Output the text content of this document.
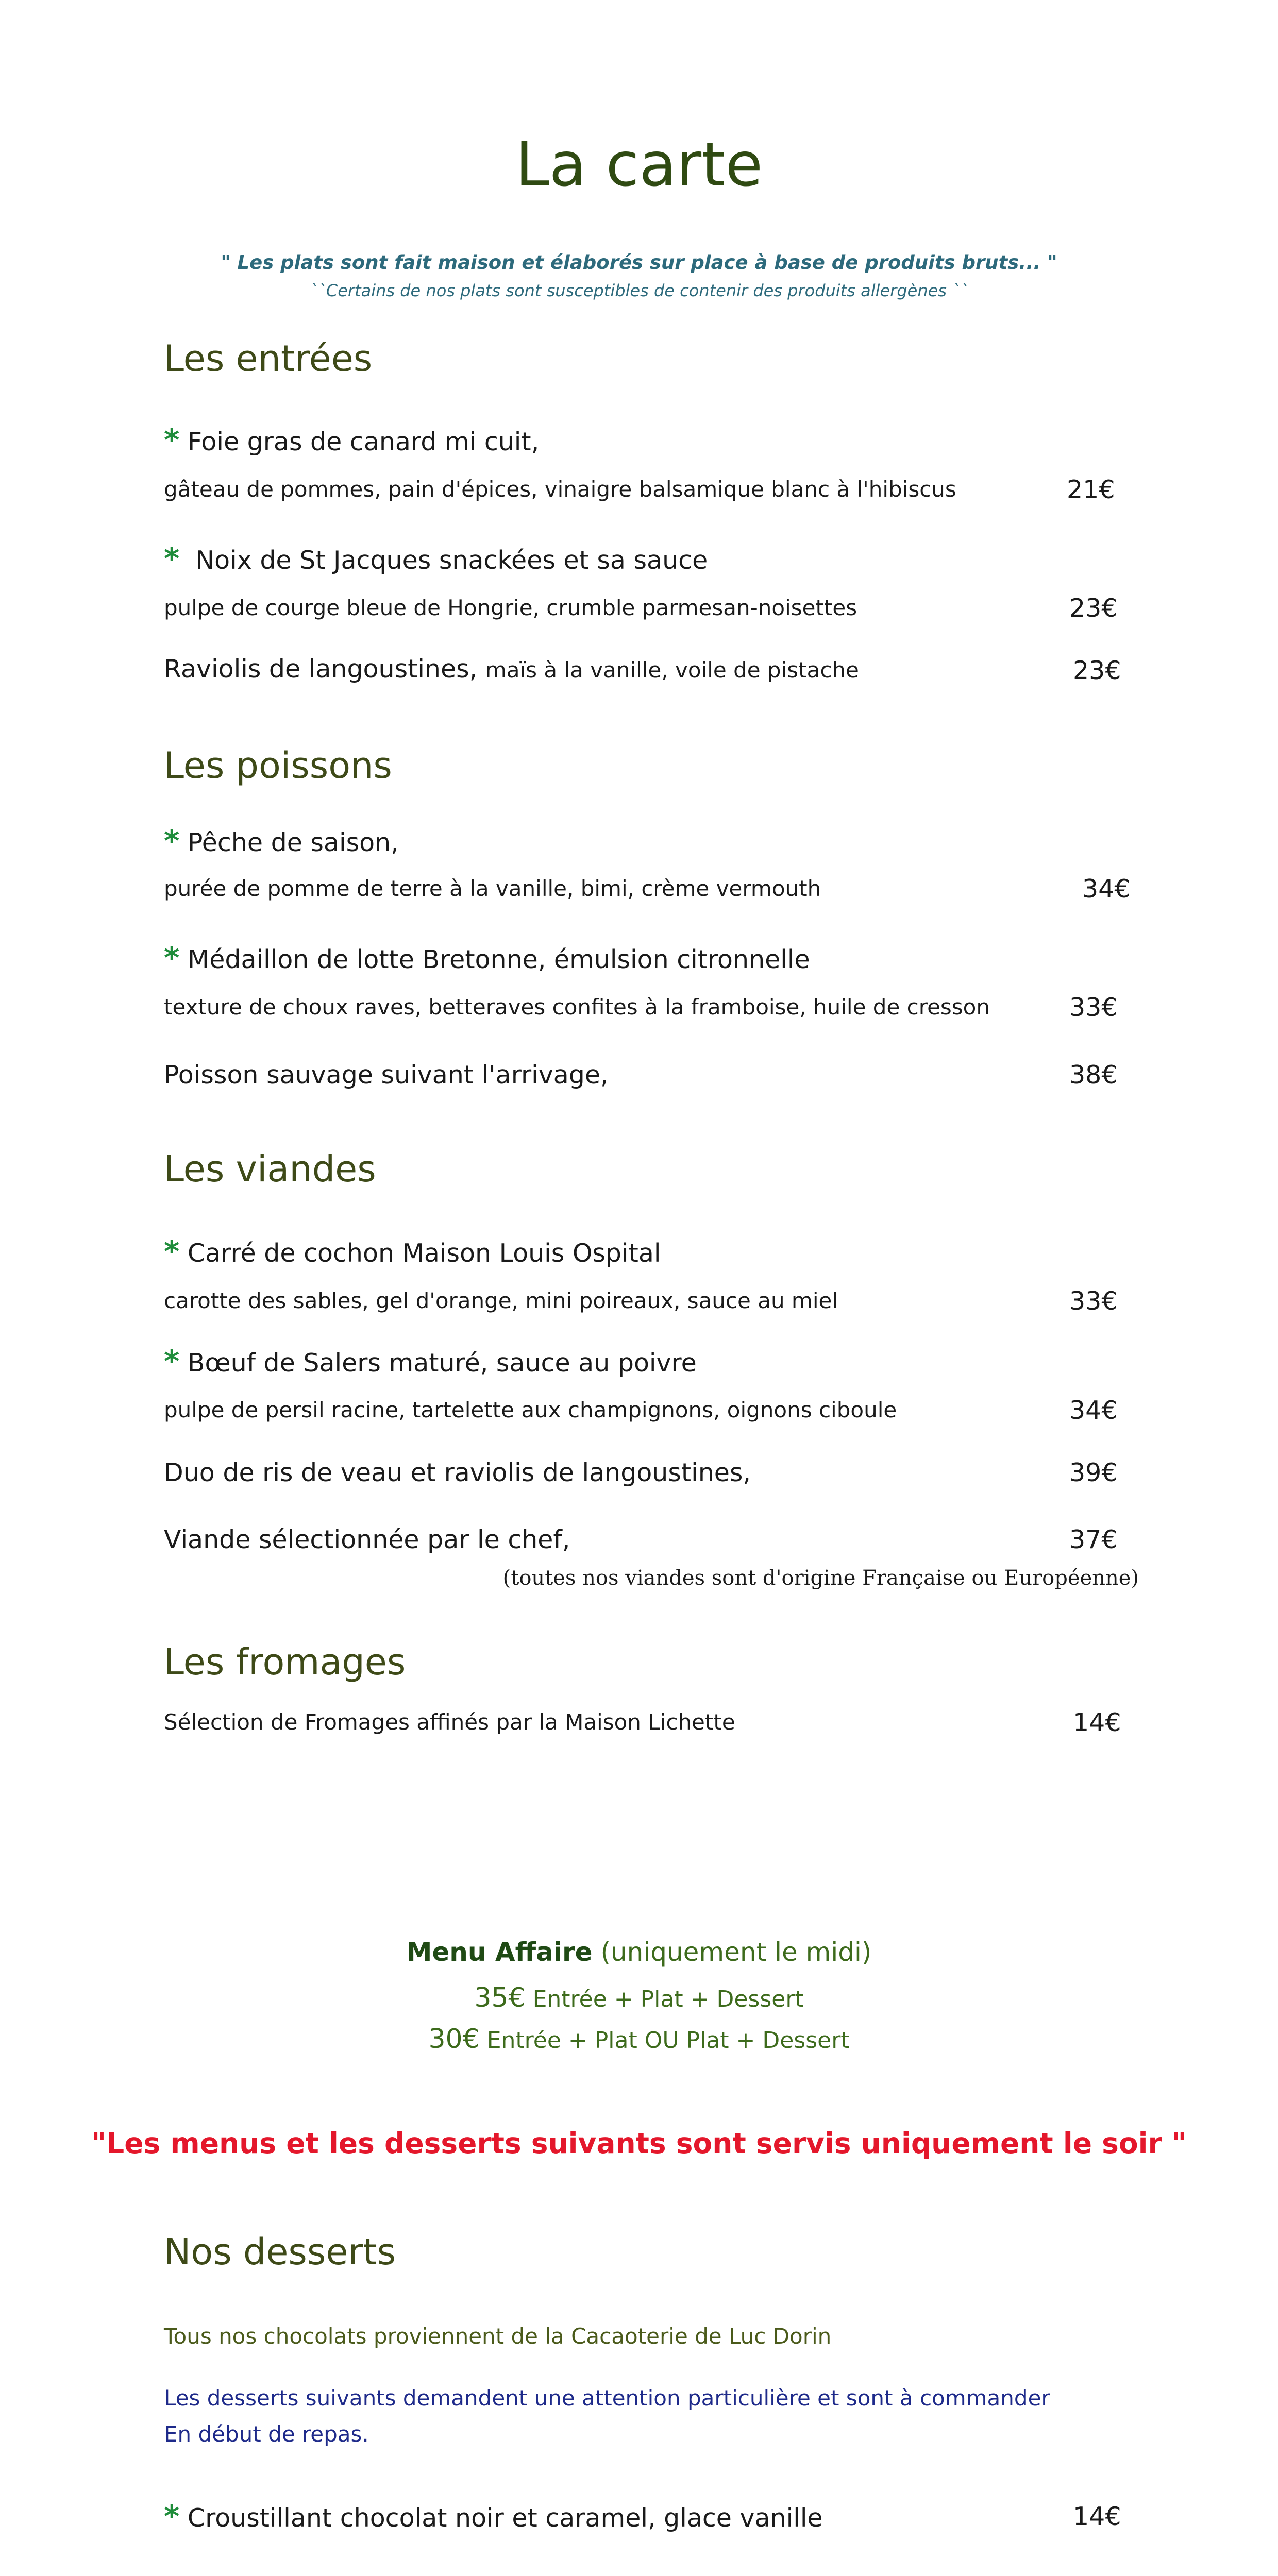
La carte
" Les plats sont fait maison et élaborés sur place à base de produits bruts... "
``Certains de nos plats sont susceptibles de contenir des produits allergènes ``
Les entrées
* Foie gras de canard mi cuit,
gâteau de pommes, pain d'épices, vinaigre balsamique blanc à l'hibiscus	21€
* Noix de St Jacques snackées et sa sauce
pulpe de courge bleue de Hongrie, crumble parmesan-noisettes	23€
Raviolis de langoustines, maïs à la vanille, voile de pistache	23€
Les poissons
* Pêche de saison,
purée de pomme de terre à la vanille, bimi, crème vermouth	34€
* Médaillon de lotte Bretonne, émulsion citronnelle
texture de choux raves, betteraves confites à la framboise, huile de cresson	33€
Poisson sauvage suivant l'arrivage,	38€
Les viandes
* Carré de cochon Maison Louis Ospital
carotte des sables, gel d'orange, mini poireaux, sauce au miel	33€
* Bœuf de Salers maturé, sauce au poivre
pulpe de persil racine, tartelette aux champignons, oignons ciboule	34€
Duo de ris de veau et raviolis de langoustines,	39€
Viande sélectionnée par le chef,	37€
(toutes nos viandes sont d'origine Française ou Européenne)
Les fromages
Sélection de Fromages affinés par la Maison Lichette	14€
Menu Affaire (uniquement le midi)
35€ Entrée + Plat + Dessert
30€ Entrée + Plat OU Plat + Dessert
"Les menus et les desserts suivants sont servis uniquement le soir "
Nos desserts
Tous nos chocolats proviennent de la Cacaoterie de Luc Dorin
Les desserts suivants demandent une attention particulière et sont à commander
En début de repas.
* Croustillant chocolat noir et caramel, glace vanille	14€
